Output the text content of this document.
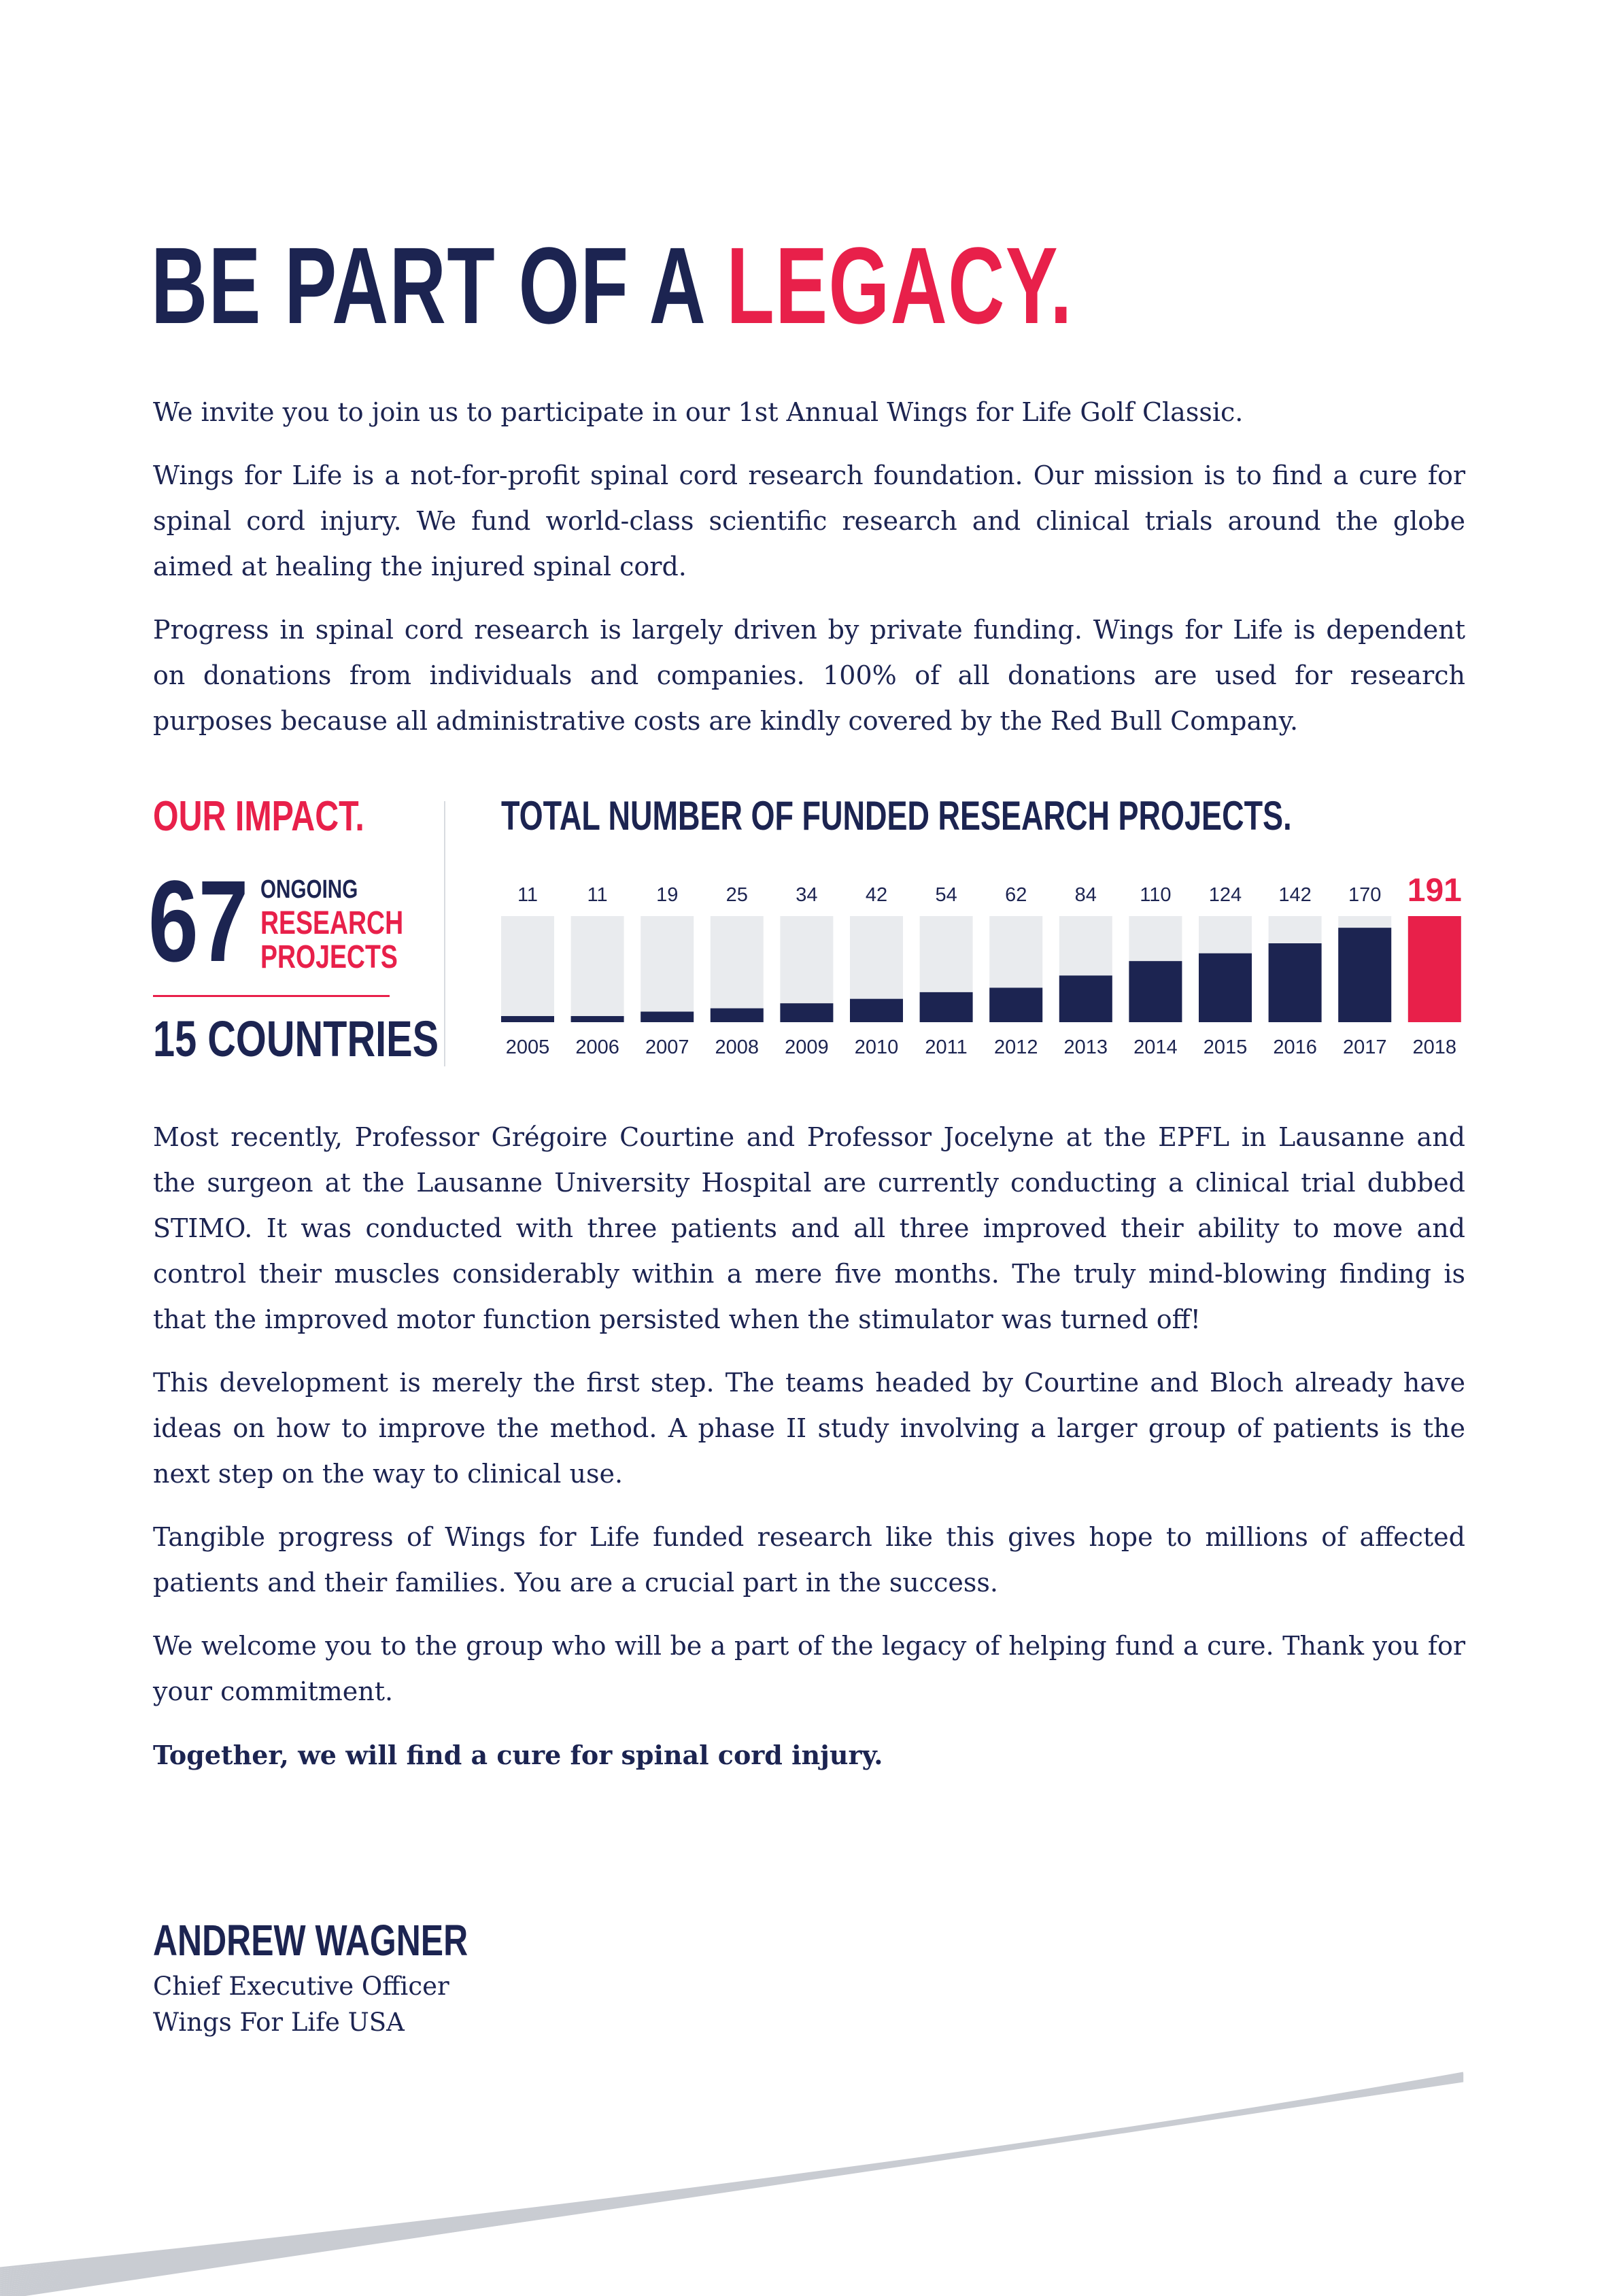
BE PART OF A LEGACY.

We invite you to join us to participate in our 1st Annual Wings for Life Golf Classic.

Wings for Life is a not-for-profit spinal cord research foundation. Our mission is to find a cure for spinal cord injury. We fund world-class scientific research and clinical trials around the globe aimed at healing the injured spinal cord.

Progress in spinal cord research is largely driven by private funding. Wings for Life is dependent on donations from individuals and companies. 100% of all donations are used for research purposes because all administrative costs are kindly covered by the Red Bull Company.

OUR IMPACT.
67 ONGOING
RESEARCH
PROJECTS
15 COUNTRIES
TOTAL NUMBER OF FUNDED RESEARCH PROJECTS.
11
2005
11
2006
19
2007
25
2008
34
2009
42
2010
54
2011
62
2012
84
2013
110
2014
124
2015
142
2016
170
2017
191
2018

Most recently, Professor Grégoire Courtine and Professor Jocelyne at the EPFL in Lausanne and the surgeon at the Lausanne University Hospital are currently conducting a clinical trial dubbed STIMO. It was conducted with three patients and all three improved their ability to move and control their muscles considerably within a mere five months. The truly mind-blowing finding is that the improved motor function persisted when the stimulator was turned off!

This development is merely the first step. The teams headed by Courtine and Bloch already have ideas on how to improve the method. A phase II study involving a larger group of patients is the next step on the way to clinical use.

Tangible progress of Wings for Life funded research like this gives hope to millions of affected patients and their families. You are a crucial part in the success.

We welcome you to the group who will be a part of the legacy of helping fund a cure. Thank you for your commitment.

Together, we will find a cure for spinal cord injury.

ANDREW WAGNER
Chief Executive Officer
Wings For Life USA
